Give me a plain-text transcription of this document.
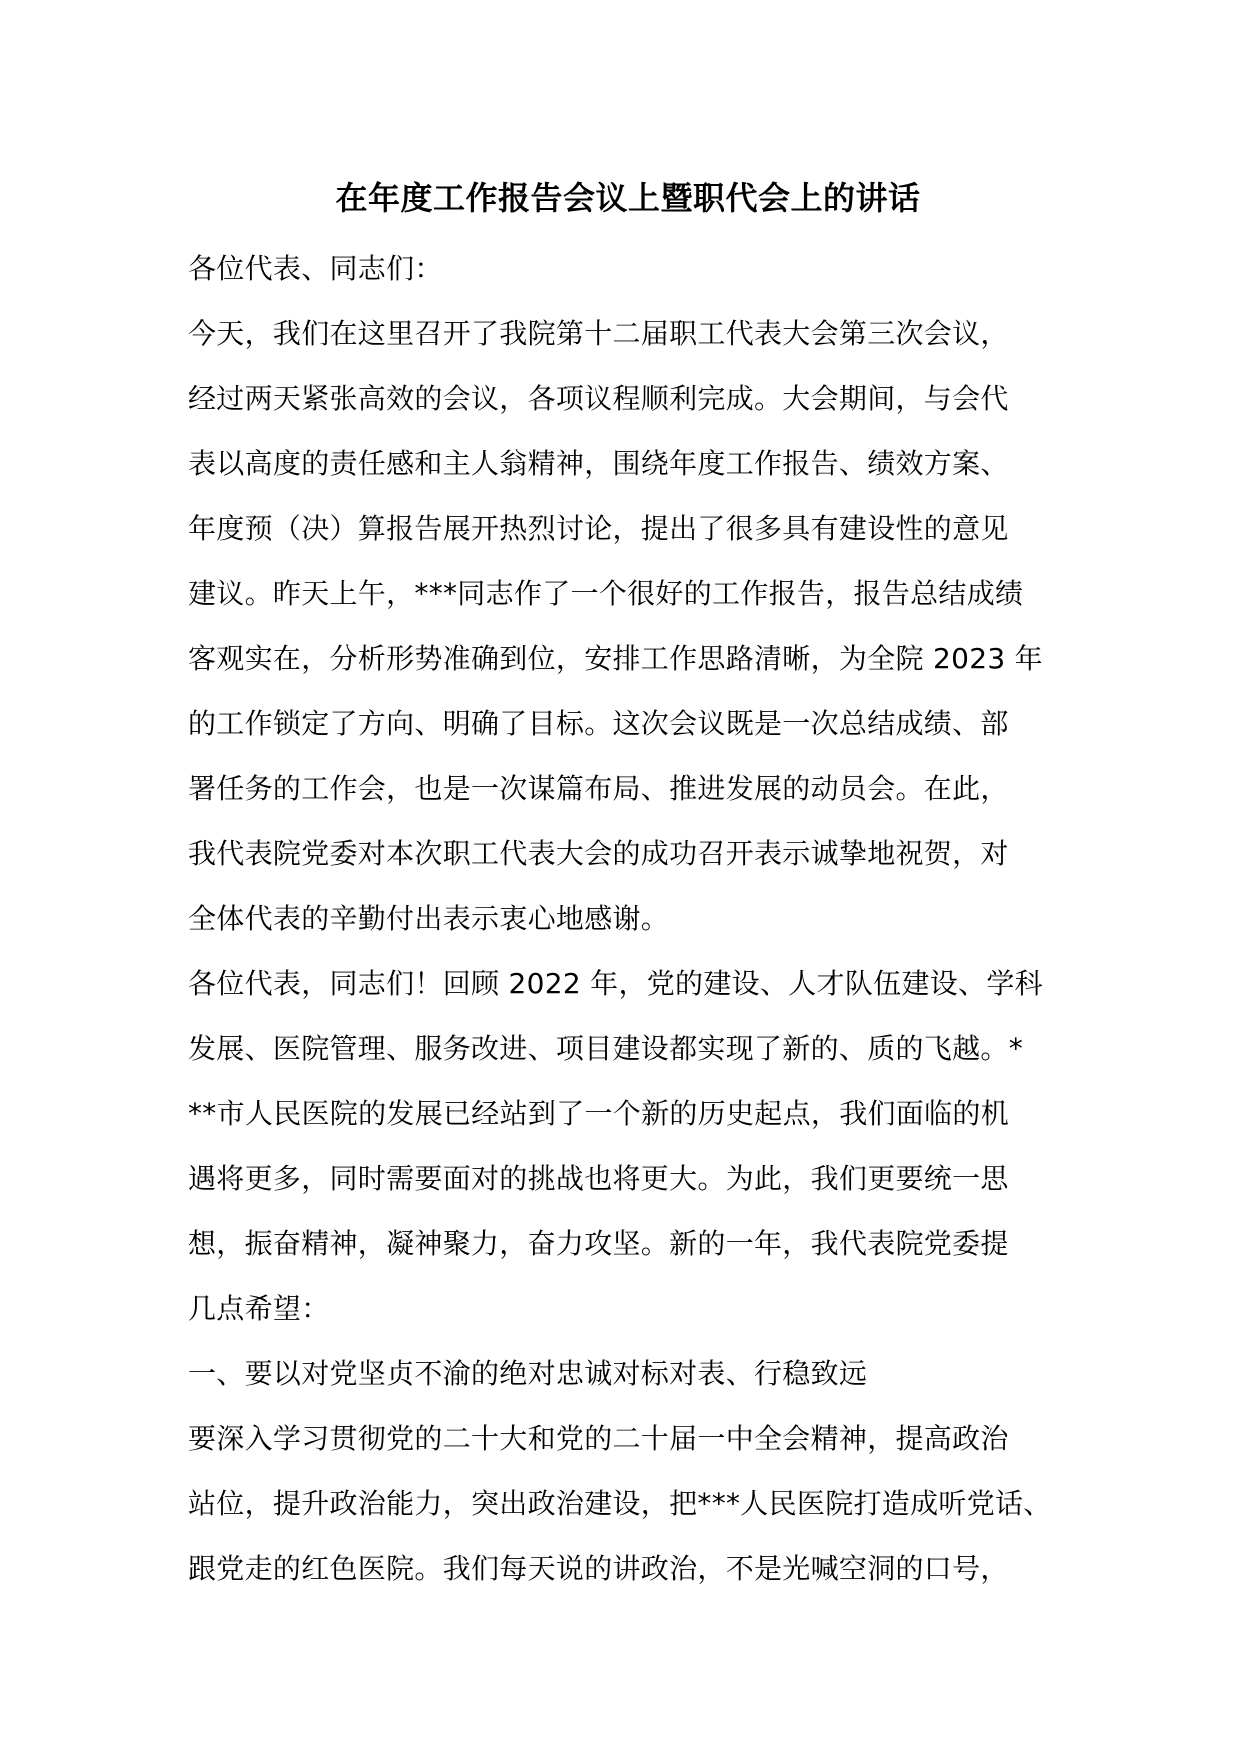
在年度工作报告会议上暨职代会上的讲话
各位代表、同志们：
今天，我们在这里召开了我院第十二届职工代表大会第三次会议，
经过两天紧张高效的会议，各项议程顺利完成。大会期间，与会代
表以高度的责任感和主人翁精神，围绕年度工作报告、绩效方案、
年度预（决）算报告展开热烈讨论，提出了很多具有建设性的意见
建议。昨天上午，***同志作了一个很好的工作报告，报告总结成绩
客观实在，分析形势准确到位，安排工作思路清晰，为全院 2023 年
的工作锁定了方向、明确了目标。这次会议既是一次总结成绩、部
署任务的工作会，也是一次谋篇布局、推进发展的动员会。在此，
我代表院党委对本次职工代表大会的成功召开表示诚挚地祝贺，对
全体代表的辛勤付出表示衷心地感谢。
各位代表，同志们！回顾 2022 年，党的建设、人才队伍建设、学科
发展、医院管理、服务改进、项目建设都实现了新的、质的飞越。*
**市人民医院的发展已经站到了一个新的历史起点，我们面临的机
遇将更多，同时需要面对的挑战也将更大。为此，我们更要统一思
想，振奋精神，凝神聚力，奋力攻坚。新的一年，我代表院党委提
几点希望：
一、要以对党坚贞不渝的绝对忠诚对标对表、行稳致远
要深入学习贯彻党的二十大和党的二十届一中全会精神，提高政治
站位，提升政治能力，突出政治建设，把***人民医院打造成听党话、
跟党走的红色医院。我们每天说的讲政治，不是光喊空洞的口号，
